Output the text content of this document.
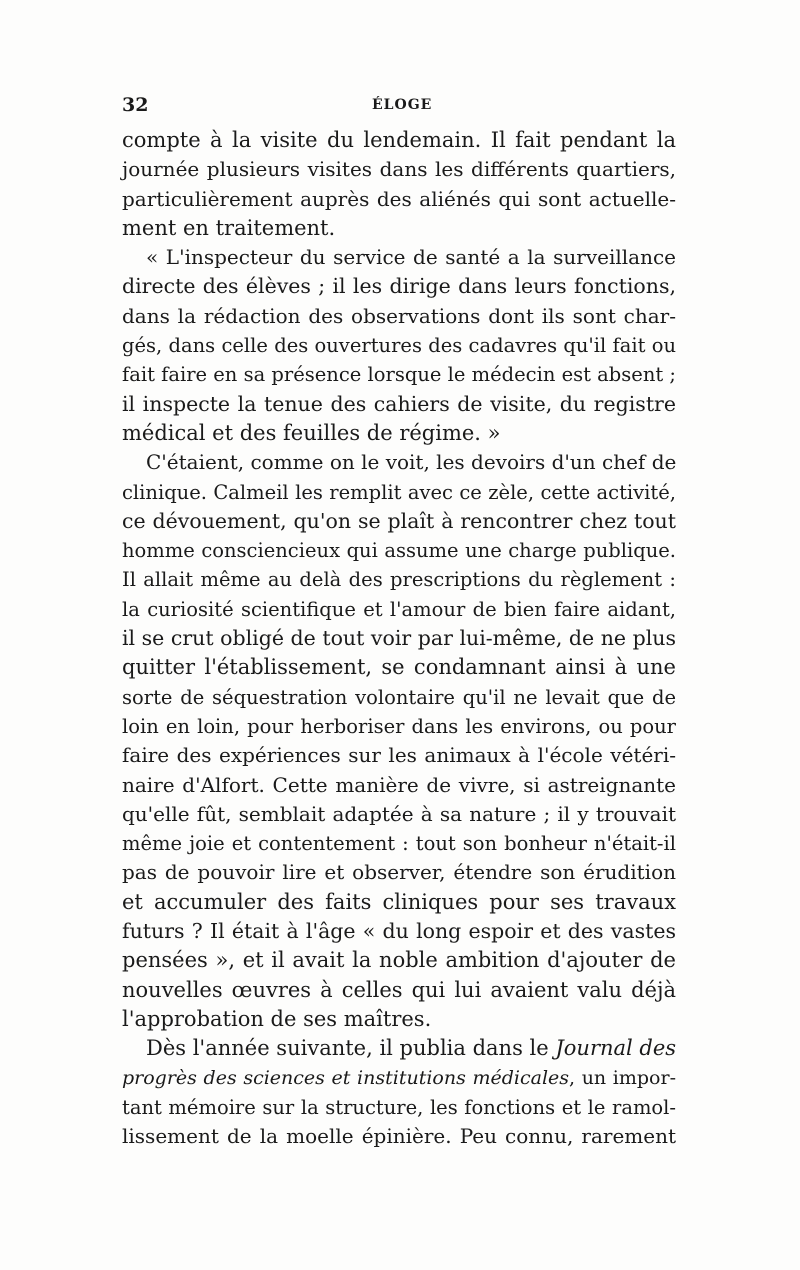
32	ÉLOGE
compte à la visite du lendemain. Il fait pendant la
journée plusieurs visites dans les différents quartiers,
particulièrement auprès des aliénés qui sont actuelle-
ment en traitement.
« L'inspecteur du service de santé a la surveillance
directe des élèves ; il les dirige dans leurs fonctions,
dans la rédaction des observations dont ils sont char-
gés, dans celle des ouvertures des cadavres qu'il fait ou
fait faire en sa présence lorsque le médecin est absent ;
il inspecte la tenue des cahiers de visite, du registre
médical et des feuilles de régime. »
C'étaient, comme on le voit, les devoirs d'un chef de
clinique. Calmeil les remplit avec ce zèle, cette activité,
ce dévouement, qu'on se plaît à rencontrer chez tout
homme consciencieux qui assume une charge publique.
Il allait même au delà des prescriptions du règlement :
la curiosité scientifique et l'amour de bien faire aidant,
il se crut obligé de tout voir par lui-même, de ne plus
quitter l'établissement, se condamnant ainsi à une
sorte de séquestration volontaire qu'il ne levait que de
loin en loin, pour herboriser dans les environs, ou pour
faire des expériences sur les animaux à l'école vétéri-
naire d'Alfort. Cette manière de vivre, si astreignante
qu'elle fût, semblait adaptée à sa nature ; il y trouvait
même joie et contentement : tout son bonheur n'était-il
pas de pouvoir lire et observer, étendre son érudition
et accumuler des faits cliniques pour ses travaux
futurs ? Il était à l'âge « du long espoir et des vastes
pensées », et il avait la noble ambition d'ajouter de
nouvelles œuvres à celles qui lui avaient valu déjà
l'approbation de ses maîtres.
Dès l'année suivante, il publia dans le Journal des
progrès des sciences et institutions médicales, un impor-
tant mémoire sur la structure, les fonctions et le ramol-
lissement de la moelle épinière. Peu connu, rarement
